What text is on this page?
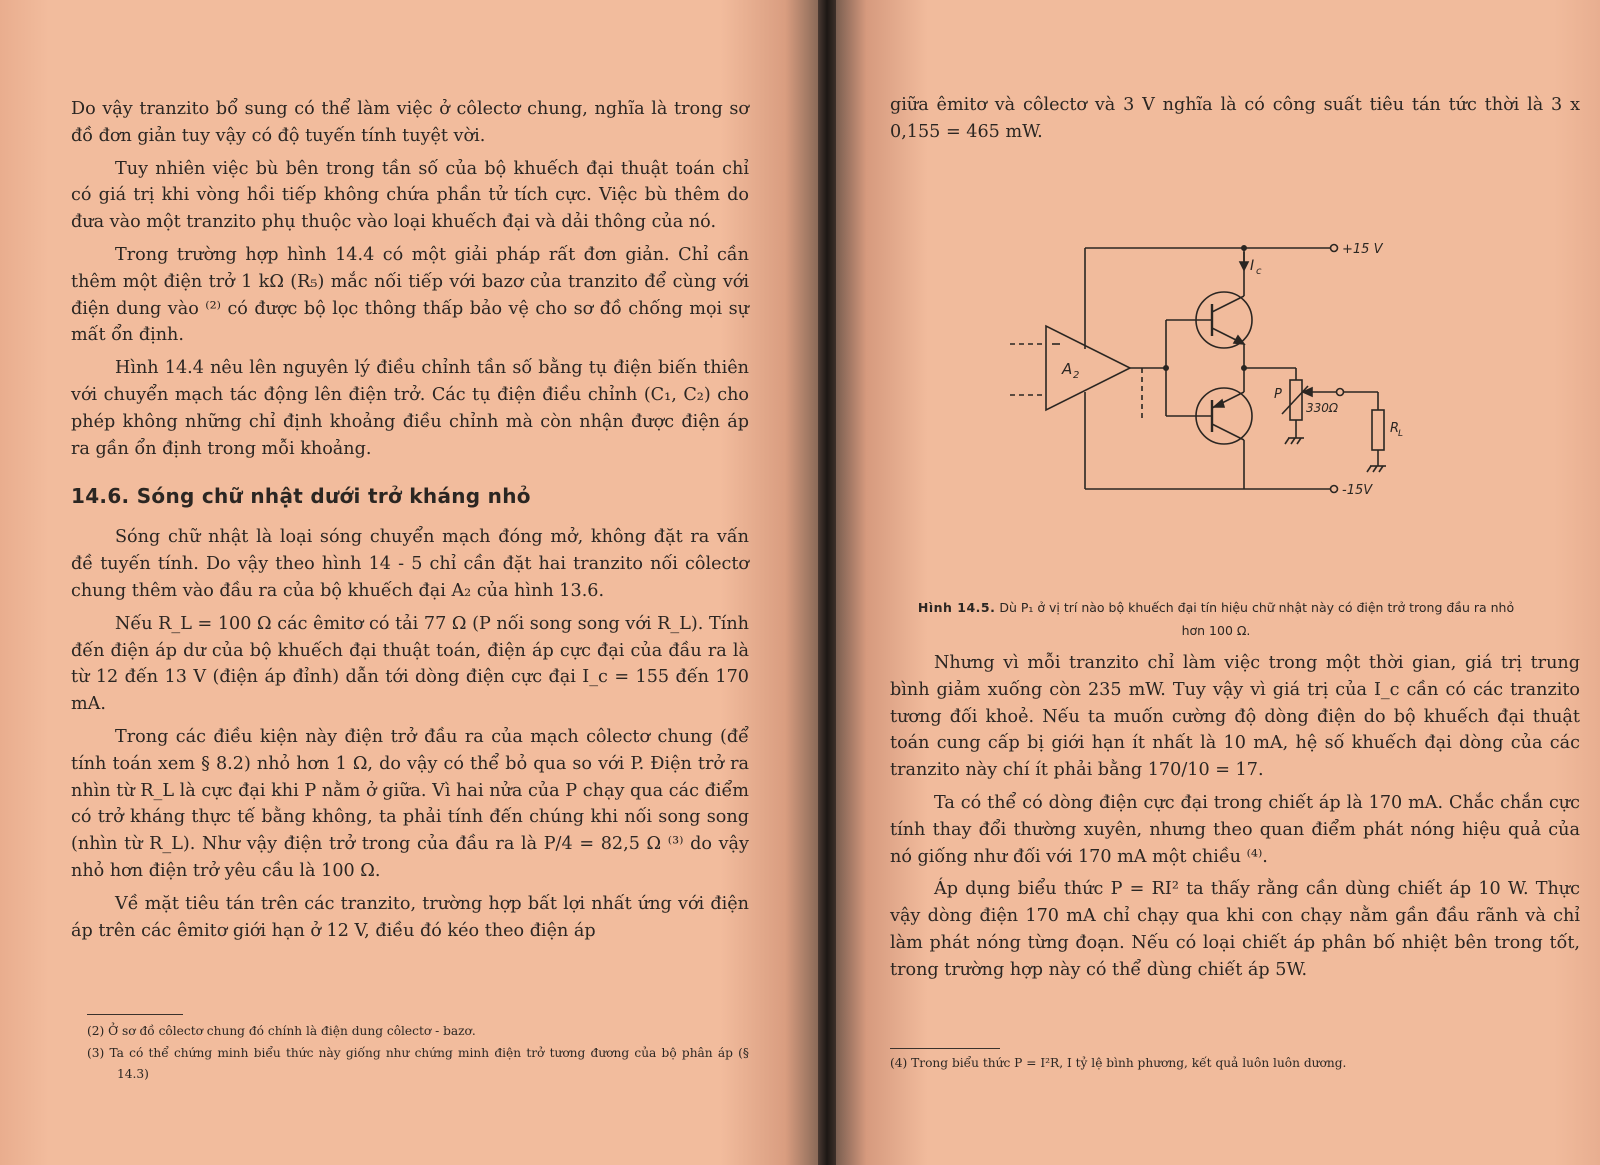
Do vậy tranzito bổ sung có thể làm việc ở côlectơ chung, nghĩa là trong sơ đồ đơn giản tuy vậy có độ tuyến tính tuyệt vời.

Tuy nhiên việc bù bên trong tần số của bộ khuếch đại thuật toán chỉ có giá trị khi vòng hồi tiếp không chứa phần tử tích cực. Việc bù thêm do đưa vào một tranzito phụ thuộc vào loại khuếch đại và dải thông của nó.

Trong trường hợp hình 14.4 có một giải pháp rất đơn giản. Chỉ cần thêm một điện trở 1 kΩ (R₅) mắc nối tiếp với bazơ của tranzito để cùng với điện dung vào ⁽²⁾ có được bộ lọc thông thấp bảo vệ cho sơ đồ chống mọi sự mất ổn định.

Hình 14.4 nêu lên nguyên lý điều chỉnh tần số bằng tụ điện biến thiên với chuyển mạch tác động lên điện trở. Các tụ điện điều chỉnh (C₁, C₂) cho phép không những chỉ định khoảng điều chỉnh mà còn nhận được điện áp ra gần ổn định trong mỗi khoảng.

14.6. Sóng chữ nhật dưới trở kháng nhỏ

Sóng chữ nhật là loại sóng chuyển mạch đóng mở, không đặt ra vấn đề tuyến tính. Do vậy theo hình 14 - 5 chỉ cần đặt hai tranzito nối côlectơ chung thêm vào đầu ra của bộ khuếch đại A₂ của hình 13.6.

Nếu R_L = 100 Ω các êmitơ có tải 77 Ω (P nối song song với R_L). Tính đến điện áp dư của bộ khuếch đại thuật toán, điện áp cực đại của đầu ra là từ 12 đến 13 V (điện áp đỉnh) dẫn tới dòng điện cực đại I_c = 155 đến 170 mA.

Trong các điều kiện này điện trở đầu ra của mạch côlectơ chung (để tính toán xem § 8.2) nhỏ hơn 1 Ω, do vậy có thể bỏ qua so với P. Điện trở ra nhìn từ R_L là cực đại khi P nằm ở giữa. Vì hai nửa của P chạy qua các điểm có trở kháng thực tế bằng không, ta phải tính đến chúng khi nối song song (nhìn từ R_L). Như vậy điện trở trong của đầu ra là P/4 = 82,5 Ω ⁽³⁾ do vậy nhỏ hơn điện trở yêu cầu là 100 Ω.

Về mặt tiêu tán trên các tranzito, trường hợp bất lợi nhất ứng với điện áp trên các êmitơ giới hạn ở 12 V, điều đó kéo theo điện áp

(2) Ở sơ đồ côlectơ chung đó chính là điện dung côlectơ - bazơ.

(3) Ta có thể chứng minh biểu thức này giống như chứng minh điện trở tương đương của bộ phân áp (§ 14.3)

giữa êmitơ và côlectơ và 3 V nghĩa là có công suất tiêu tán tức thời là 3 x 0,155 = 465 mW.

+15 V
-15V
I c
A 2
P
330Ω
R
L
Hình 14.5. Dù P₁ ở vị trí nào bộ khuếch đại tín hiệu chữ nhật này có điện trở trong đầu ra nhỏ hơn 100 Ω.

Nhưng vì mỗi tranzito chỉ làm việc trong một thời gian, giá trị trung bình giảm xuống còn 235 mW. Tuy vậy vì giá trị của I_c cần có các tranzito tương đối khoẻ. Nếu ta muốn cường độ dòng điện do bộ khuếch đại thuật toán cung cấp bị giới hạn ít nhất là 10 mA, hệ số khuếch đại dòng của các tranzito này chí ít phải bằng 170/10 = 17.

Ta có thể có dòng điện cực đại trong chiết áp là 170 mA. Chắc chắn cực tính thay đổi thường xuyên, nhưng theo quan điểm phát nóng hiệu quả của nó giống như đối với 170 mA một chiều ⁽⁴⁾.

Áp dụng biểu thức P = RI² ta thấy rằng cần dùng chiết áp 10 W. Thực vậy dòng điện 170 mA chỉ chạy qua khi con chạy nằm gần đầu rãnh và chỉ làm phát nóng từng đoạn. Nếu có loại chiết áp phân bố nhiệt bên trong tốt, trong trường hợp này có thể dùng chiết áp 5W.

(4) Trong biểu thức P = I²R, I tỷ lệ bình phương, kết quả luôn luôn dương.
